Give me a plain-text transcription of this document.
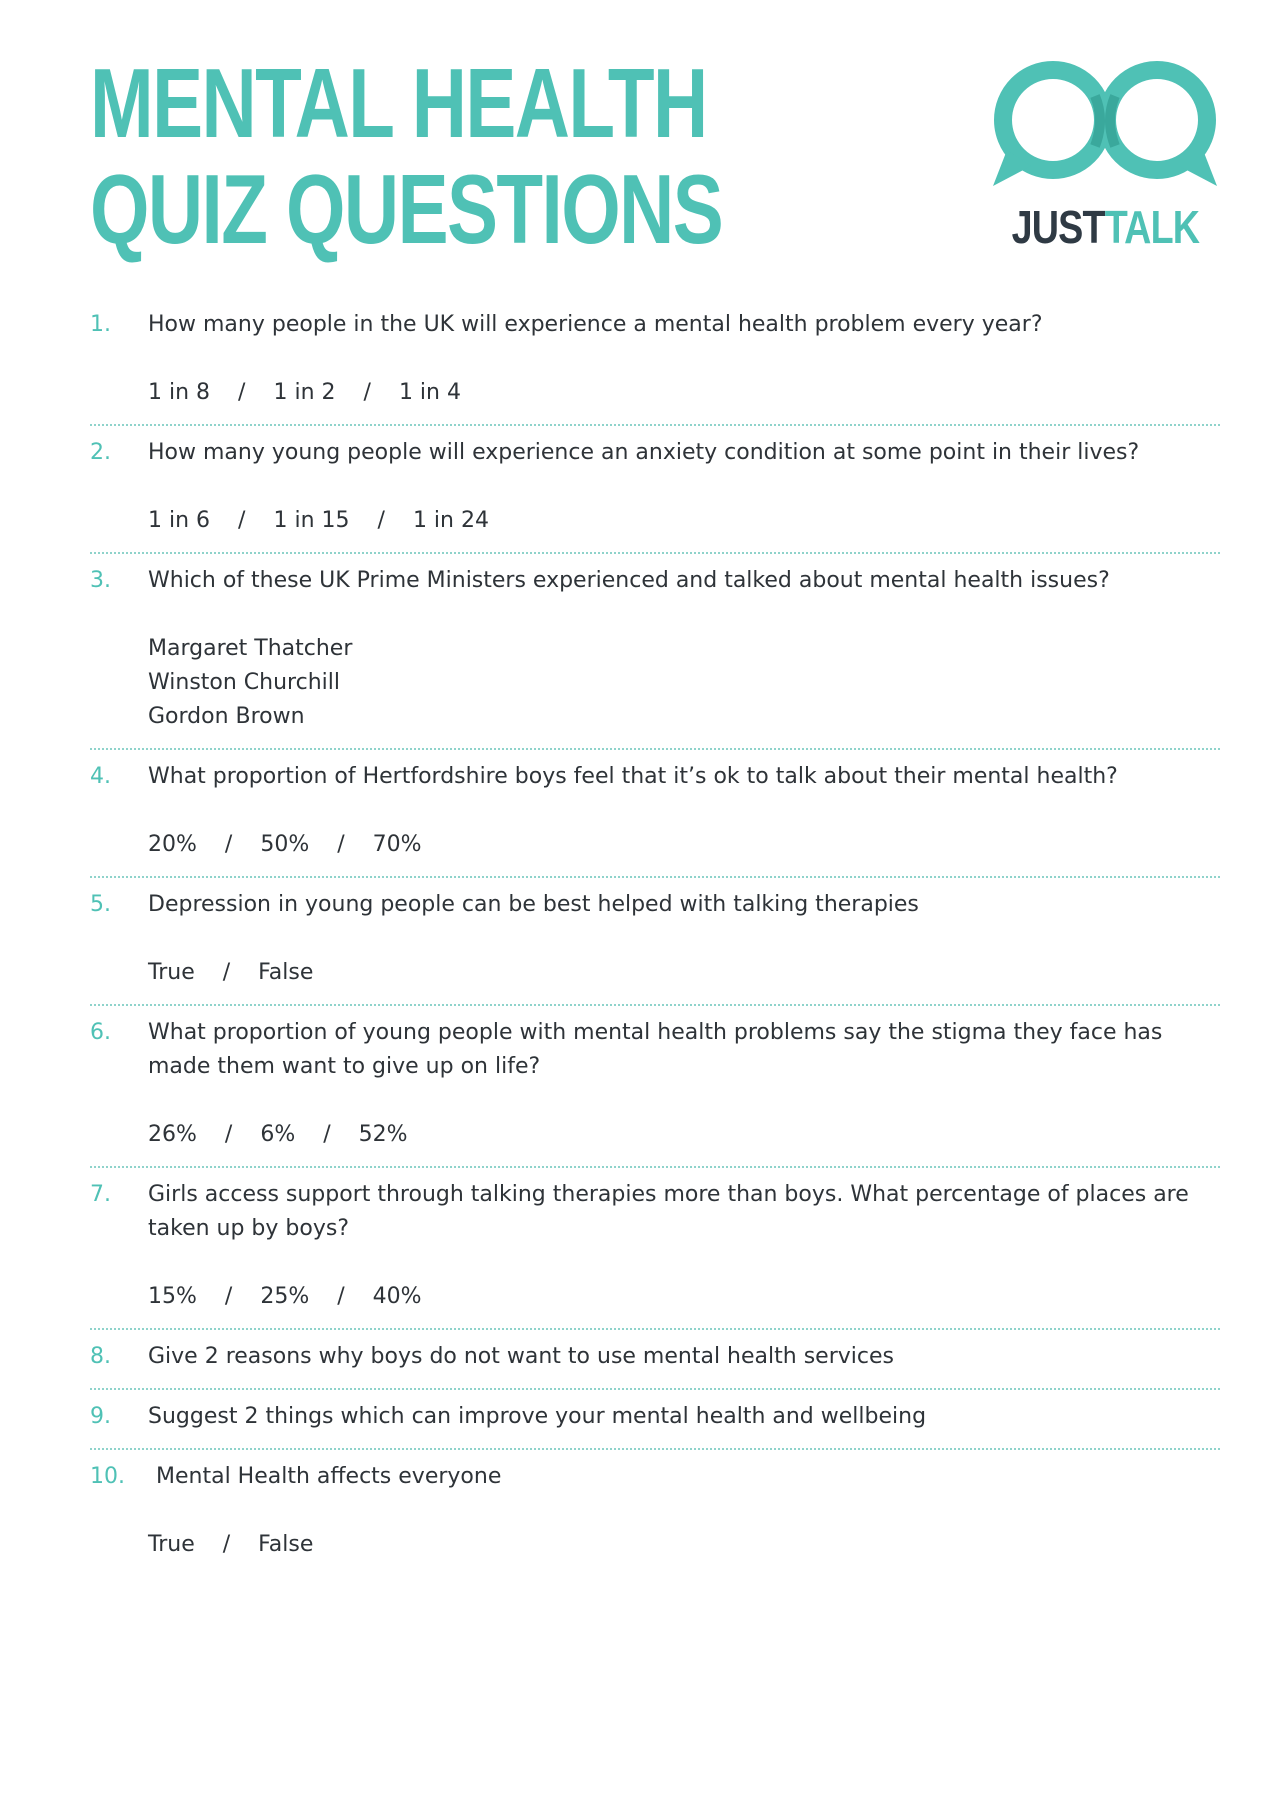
MENTAL HEALTH
QUIZ QUESTIONS	JUSTTALK
1. How many people in the UK will experience a mental health problem every year?
1 in 8 / 1 in 2 / 1 in 4
2. How many young people will experience an anxiety condition at some point in their lives?
1 in 6 / 1 in 15 / 1 in 24
3. Which of these UK Prime Ministers experienced and talked about mental health issues?
Margaret Thatcher
Winston Churchill
Gordon Brown
4. What proportion of Hertfordshire boys feel that it’s ok to talk about their mental health?
20% / 50% / 70%
5. Depression in young people can be best helped with talking therapies
True / False
6. What proportion of young people with mental health problems say the stigma they face has made them want to give up on life?
26% / 6% / 52%
7. Girls access support through talking therapies more than boys. What percentage of places are taken up by boys?
15% / 25% / 40%
8. Give 2 reasons why boys do not want to use mental health services
9. Suggest 2 things which can improve your mental health and wellbeing
10. Mental Health affects everyone
True / False
